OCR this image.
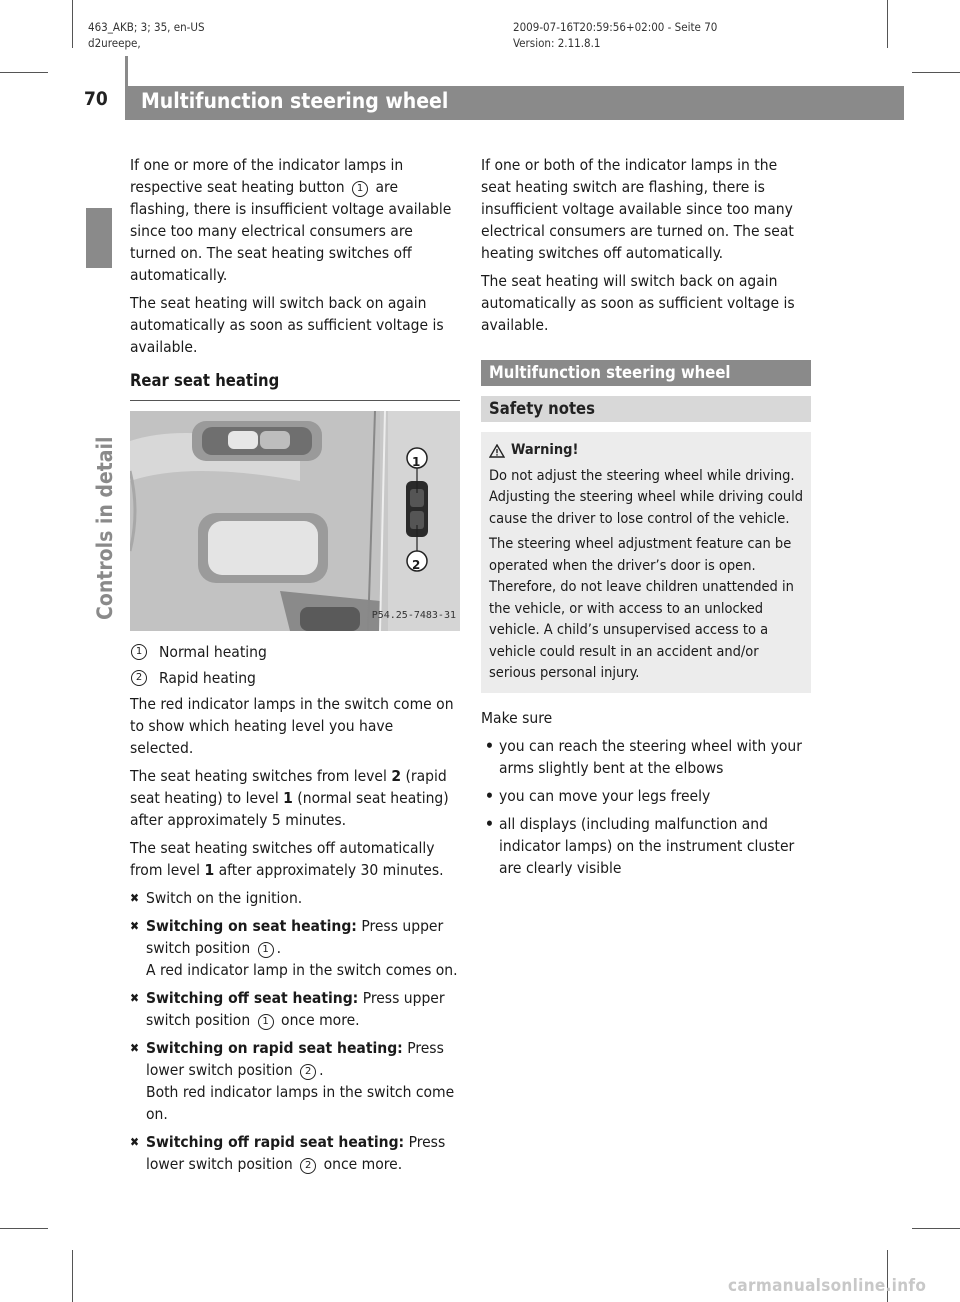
463_AKB; 3; 35, en-US
d2ureepe,
2009-07-16T20:59:56+02:00 - Seite 70
Version: 2.11.8.1
70	Multifunction steering wheel
Controls in detail

If one or more of the indicator lamps in respective seat heating button 1 are flashing, there is insufficient voltage available since too many electrical consumers are turned on. The seat heating switches off automatically.

The seat heating will switch back on again automatically as soon as sufficient voltage is available.

Rear seat heating
1
2
P54.25-7483-31
1	Normal heating
2	Rapid heating

The red indicator lamps in the switch come on to show which heating level you have selected.

The seat heating switches from level 2 (rapid seat heating) to level 1 (normal seat heating) after approximately 5 minutes.

The seat heating switches off automatically from level 1 after approximately 30 minutes.

✖ Switch on the ignition.
✖ Switching on seat heating: Press upper switch position 1 .
A red indicator lamp in the switch comes on.
✖ Switching off seat heating: Press upper switch position 1 once more.
✖ Switching on rapid seat heating: Press lower switch position 2 .
Both red indicator lamps in the switch come on.
✖ Switching off rapid seat heating: Press lower switch position 2 once more.

If one or both of the indicator lamps in the seat heating switch are flashing, there is insufficient voltage available since too many electrical consumers are turned on. The seat heating switches off automatically.

The seat heating will switch back on again automatically as soon as sufficient voltage is available.

Multifunction steering wheel
Safety notes
Warning!

Do not adjust the steering wheel while driving. Adjusting the steering wheel while driving could cause the driver to lose control of the vehicle.

The steering wheel adjustment feature can be operated when the driver’s door is open. Therefore, do not leave children unattended in the vehicle, or with access to an unlocked vehicle. A child’s unsupervised access to a vehicle could result in an accident and/or serious personal injury.

Make sure

• you can reach the steering wheel with your arms slightly bent at the elbows
• you can move your legs freely
• all displays (including malfunction and indicator lamps) on the instrument cluster are clearly visible
carmanualsonline.info
